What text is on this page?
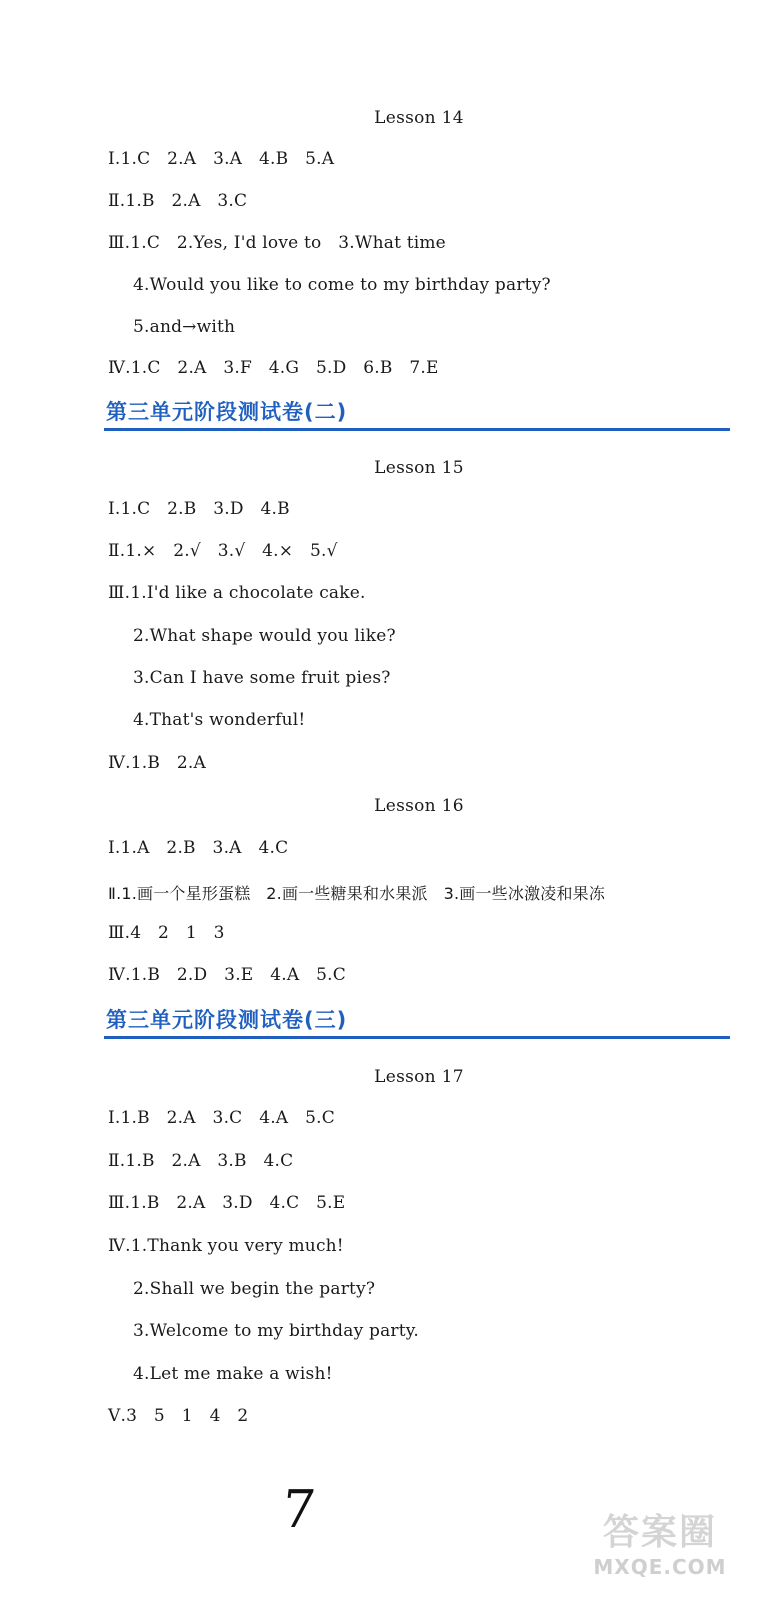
Lesson 14
Ⅰ.1.C   2.A   3.A   4.B   5.A
Ⅱ.1.B   2.A   3.C
Ⅲ.1.C   2.Yes, I'd love to   3.What time
4.Would you like to come to my birthday party?
5.and→with
Ⅳ.1.C   2.A   3.F   4.G   5.D   6.B   7.E
第三单元阶段测试卷(二)
Lesson 15
Ⅰ.1.C   2.B   3.D   4.B
Ⅱ.1.×   2.√   3.√   4.×   5.√
Ⅲ.1.I'd like a chocolate cake.
2.What shape would you like?
3.Can I have some fruit pies?
4.That's wonderful!
Ⅳ.1.B   2.A
Lesson 16
Ⅰ.1.A   2.B   3.A   4.C
Ⅱ.1.画一个星形蛋糕   2.画一些糖果和水果派   3.画一些冰激凌和果冻
Ⅲ.4   2   1   3
Ⅳ.1.B   2.D   3.E   4.A   5.C
第三单元阶段测试卷(三)
Lesson 17
Ⅰ.1.B   2.A   3.C   4.A   5.C
Ⅱ.1.B   2.A   3.B   4.C
Ⅲ.1.B   2.A   3.D   4.C   5.E
Ⅳ.1.Thank you very much!
2.Shall we begin the party?
3.Welcome to my birthday party.
4.Let me make a wish!
Ⅴ.3   5   1   4   2
7	答案圈
MXQE.COM
